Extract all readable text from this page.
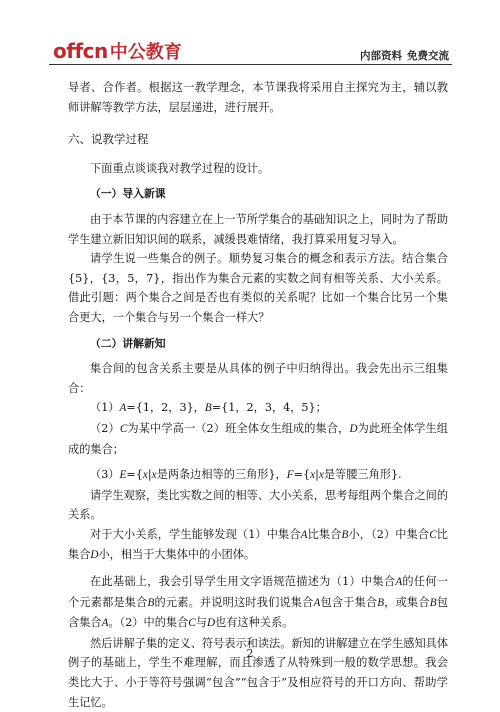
offcn 中公教育	内部资料 免费交流

导者、合作者。根据这一教学理念，本节课我将采用自主探究为主，辅以教师讲解等教学方法，层层递进，进行展开。

六、说教学过程

下面重点谈谈我对教学过程的设计。

（一）导入新课

由于本节课的内容建立在上一节所学集合的基础知识之上，同时为了帮助学生建立新旧知识间的联系，减缓畏难情绪，我打算采用复习导入。

请学生说一些集合的例子。顺势复习集合的概念和表示方法。结合集合{5}，{3，5，7}，指出作为集合元素的实数之间有相等关系、大小关系。借此引题：两个集合之间是否也有类似的关系呢？比如一个集合比另一个集合更大，一个集合与另一个集合一样大？

（二）讲解新知

集合间的包含关系主要是从具体的例子中归纳得出。我会先出示三组集合：

（1）A={1，2，3}，B={1，2，3，4，5}；

（2）C为某中学高一（2）班全体女生组成的集合，D为此班全体学生组成的集合；

（3）E={x|x是两条边相等的三角形}，F={x|x是等腰三角形}.

请学生观察，类比实数之间的相等、大小关系，思考每组两个集合之间的关系。

对于大小关系，学生能够发现（1）中集合A比集合B小，（2）中集合C比集合D小，相当于大集体中的小团体。

在此基础上，我会引导学生用文字语规范描述为（1）中集合A的任何一个元素都是集合B的元素。并说明这时我们说集合A包含于集合B，或集合B包含集合A。（2）中的集合C与D也有这种关系。

然后讲解子集的定义、符号表示和读法。新知的讲解建立在学生感知具体例子的基础上，学生不难理解，而且渗透了从特殊到一般的数学思想。我会类比大于、小于等符号强调“包含”“包含于”及相应符号的开口方向、帮助学生记忆。

2
